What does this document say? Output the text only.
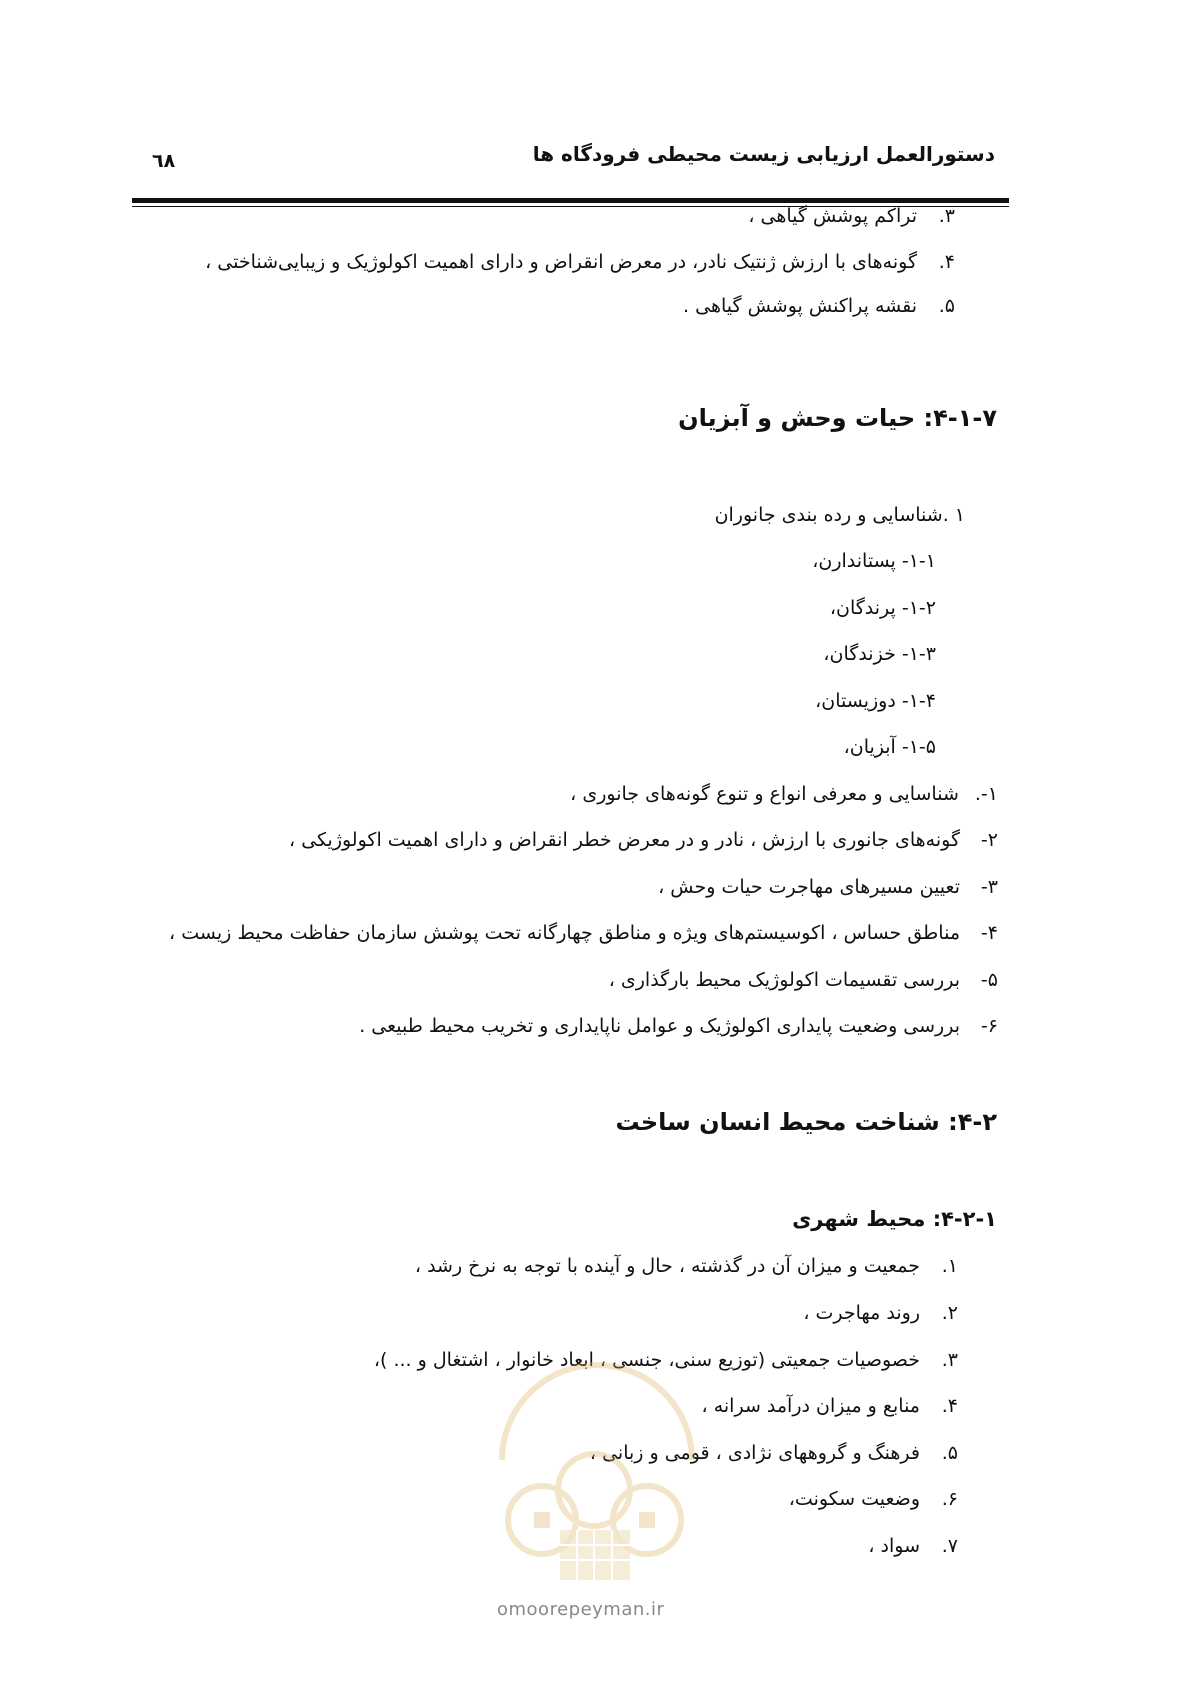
دستورالعمل ارزیابی زیست محیطی فرودگاه ها
٦٨
۳.تراکم پوشش گیاهی ،
۴.گونه‌های با ارزش ژنتیک نادر، در معرض انقراض و دارای اهمیت اکولوژیک و زیبایی‌شناختی ،
۵.نقشه پراکنش پوشش گیاهی .
۴-۱-۷: حیات وحش و آبزیان
۱ .شناسایی و رده بندی جانوران
۱-۱- پستاندارن،
۱-۲- پرندگان،
۱-۳- خزندگان،
۱-۴- دوزیستان،
۱-۵- آبزیان،
۱-.شناسایی و معرفی انواع و تنوع گونه‌های جانوری ،
۲-گونه‌های جانوری با ارزش ، نادر و در معرض خطر انقراض و دارای اهمیت اکولوژیکی ،
۳-تعیین مسیرهای مهاجرت حیات وحش ،
۴-مناطق حساس ، اکوسیستم‌های ویژه و مناطق چهارگانه تحت پوشش سازمان حفاظت محیط زیست ،
۵-بررسی تقسیمات اکولوژیک محیط بارگذاری ،
۶-بررسی وضعیت پایداری اکولوژیک و عوامل ناپایداری و تخریب محیط طبیعی .
۴-۲: شناخت محیط انسان ساخت
۴-۲-۱: محیط شهری
۱.جمعیت و میزان آن در گذشته ، حال و آینده با توجه به نرخ رشد ،
۲.روند مهاجرت ،
۳.خصوصیات جمعیتی (توزیع سنی، جنسی ، ابعاد خانوار ، اشتغال و ... )،
۴.منابع و میزان درآمد سرانه ،
۵.فرهنگ و گروههای نژادی ، قومی و زبانی ،
۶.وضعیت سکونت،
۷.سواد ،
omoorepeyman.ir
